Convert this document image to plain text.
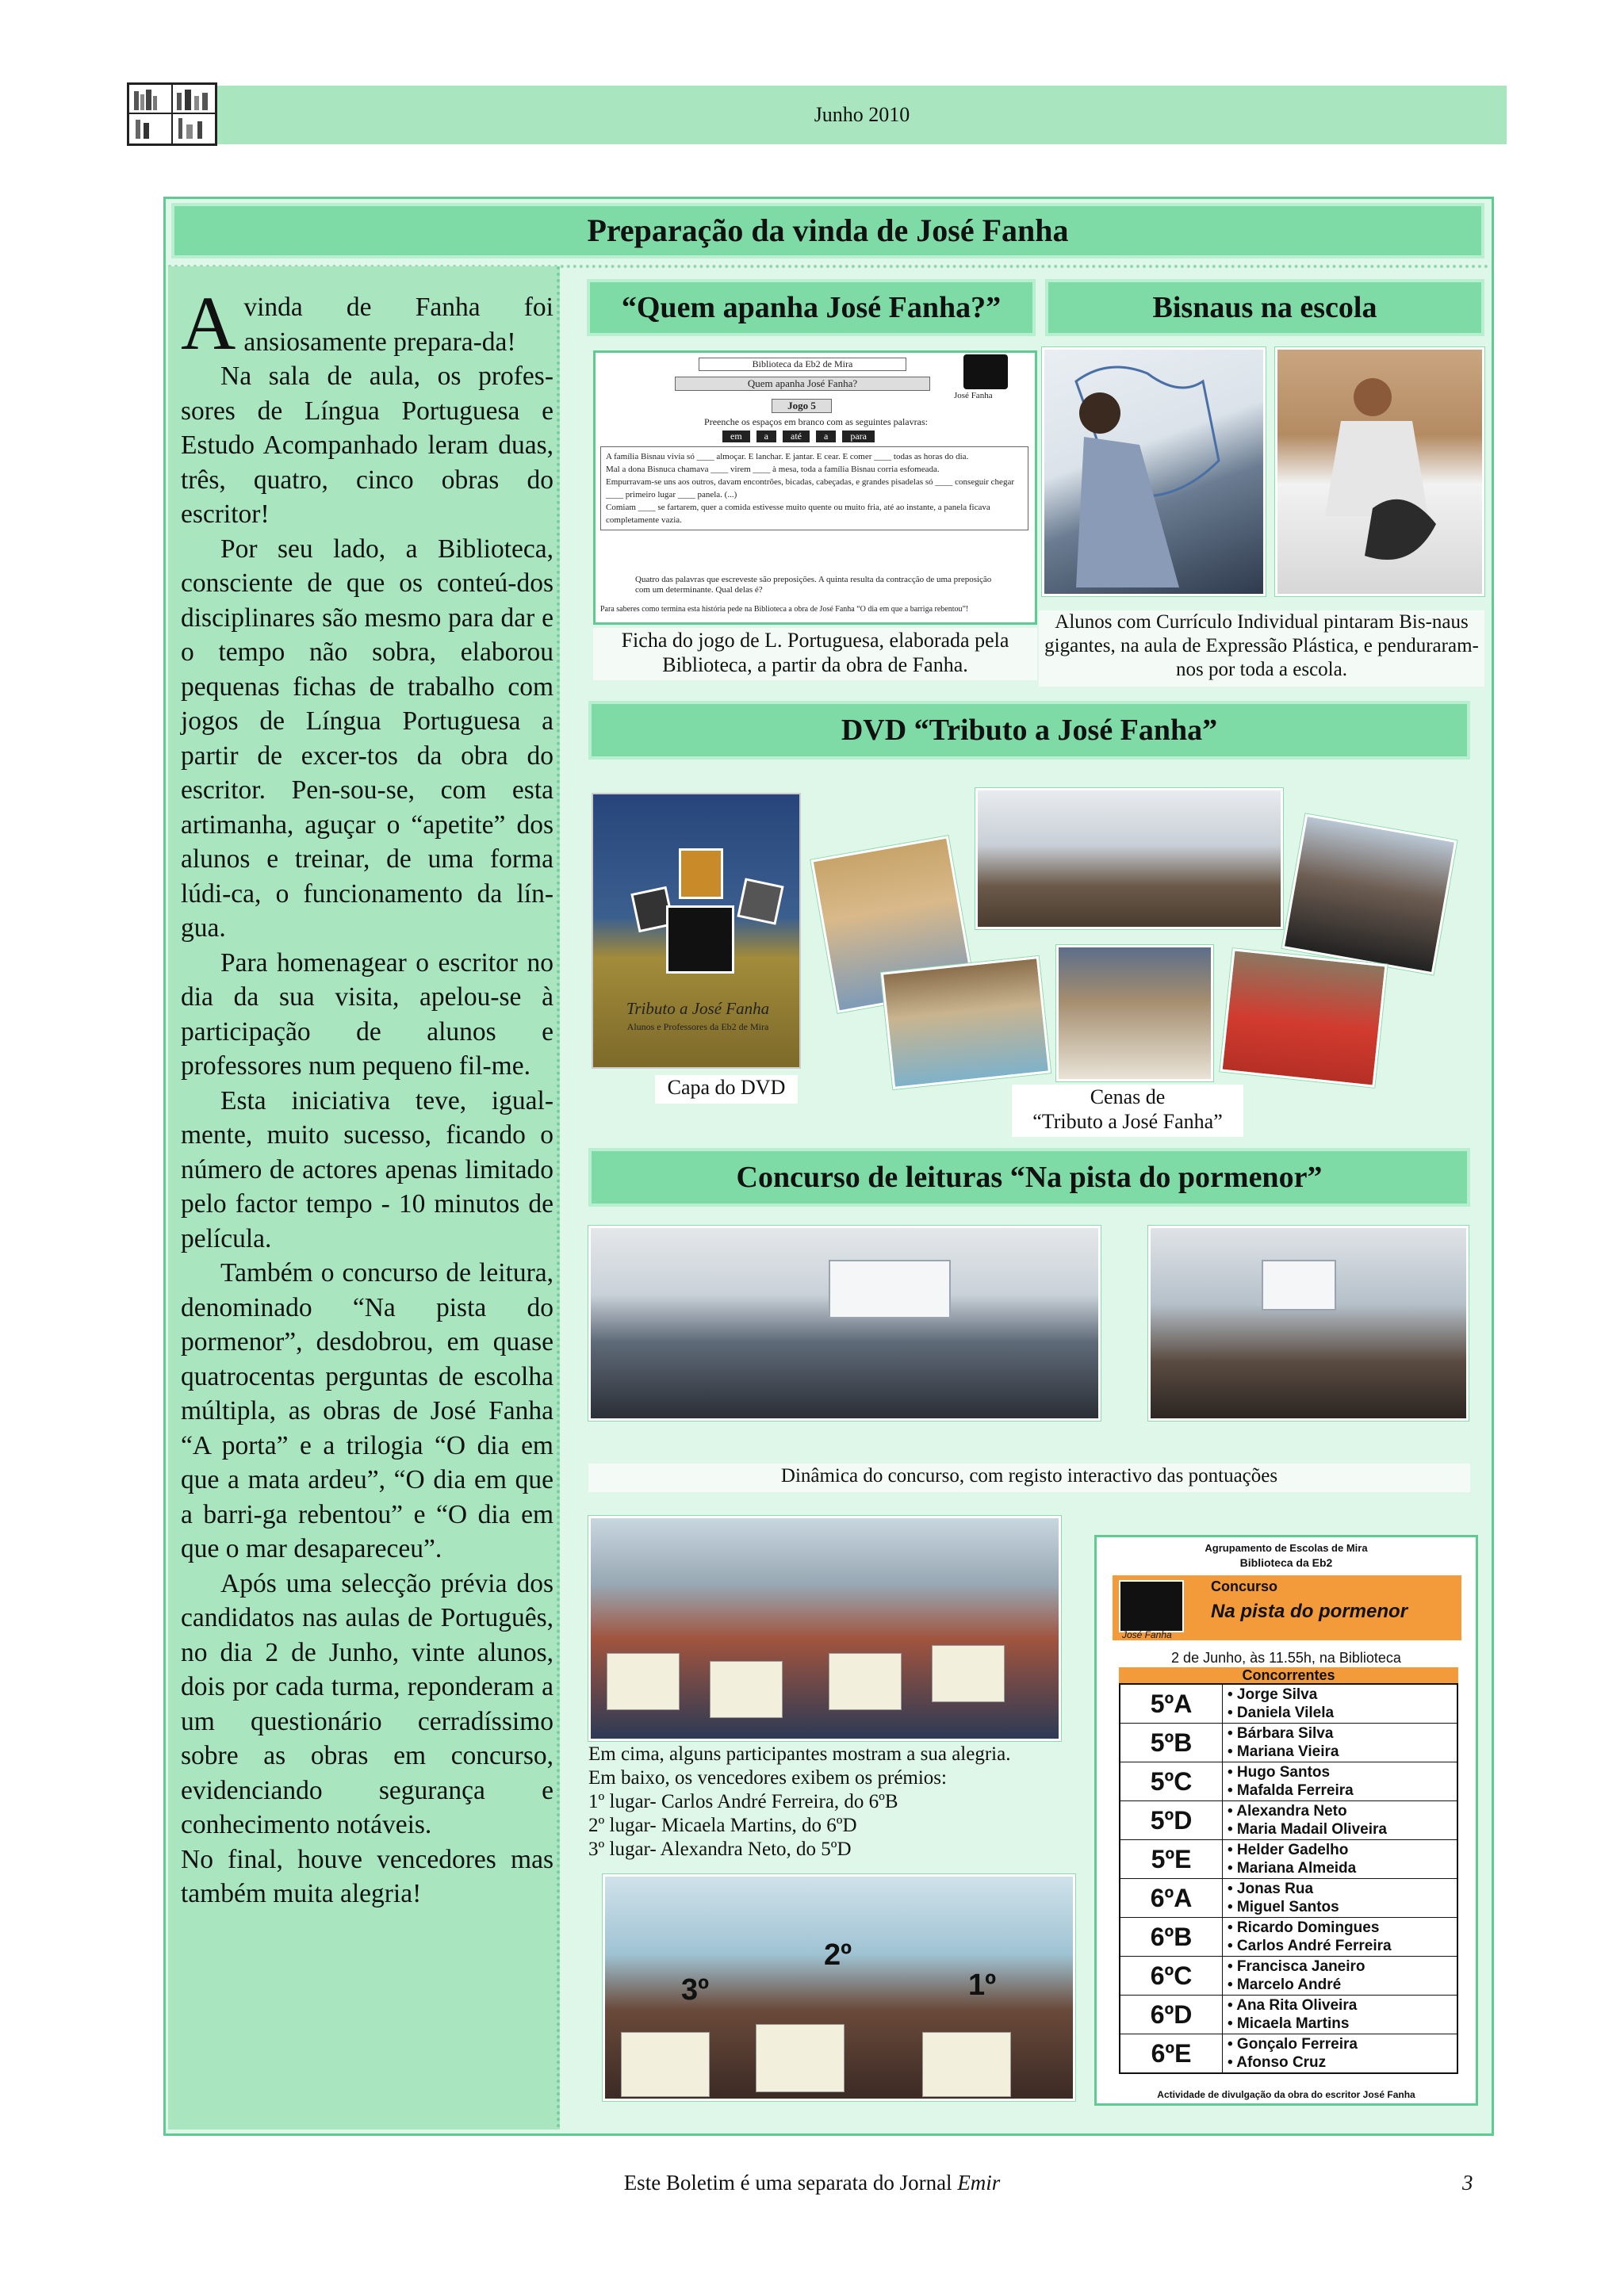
Junho 2010
Preparação da vinda de José Fanha

Avinda de Fanha foi ansiosamente prepara-da!

Na sala de aula, os profes-sores de Língua Portuguesa e Estudo Acompanhado leram duas, três, quatro, cinco obras do escritor!

Por seu lado, a Biblioteca, consciente de que os conteú-dos disciplinares são mesmo para dar e o tempo não sobra, elaborou pequenas fichas de trabalho com jogos de Língua Portuguesa a partir de excer-tos da obra do escritor. Pen-sou-se, com esta artimanha, aguçar o “apetite” dos alunos e treinar, de uma forma lúdi-ca, o funcionamento da lín-gua.

Para homenagear o escritor no dia da sua visita, apelou-se à participação de alunos e professores num pequeno fil-me.

Esta iniciativa teve, igual-mente, muito sucesso, ficando o número de actores apenas limitado pelo factor tempo - 10 minutos de película.

Também o concurso de leitura, denominado “Na pista do pormenor”, desdobrou, em quase quatrocentas perguntas de escolha múltipla, as obras de José Fanha “A porta” e a trilogia “O dia em que a mata ardeu”, “O dia em que a barri-ga rebentou” e “O dia em que o mar desapareceu”.

Após uma selecção prévia dos candidatos nas aulas de Português, no dia 2 de Junho, vinte alunos, dois por cada turma, reponderam a um questionário cerradíssimo sobre as obras em concurso, evidenciando segurança e conhecimento notáveis.

No final, houve vencedores mas também muita alegria!

“Quem apanha José Fanha?”	Bisnaus na escola
Biblioteca da Eb2 de Mira
Quem apanha José Fanha?
José Fanha
Jogo 5
Preenche os espaços em branco com as seguintes palavras:
em	a	até	a	para
A família Bisnau vivia só ____ almoçar. E lanchar. E jantar. E cear. E comer ____ todas as horas do dia.
Mal a dona Bisnuca chamava ____ virem ____ à mesa, toda a família Bisnau corria esfomeada.
Empurravam-se uns aos outros, davam encontrões, bicadas, cabeçadas, e grandes pisadelas só ____ conseguir chegar ____ primeiro lugar ____ panela. (...)
Comiam ____ se fartarem, quer a comida estivesse muito quente ou muito fria, até ao instante, a panela ficava completamente vazia.
Quatro das palavras que escreveste são preposições. A quinta resulta da contracção de uma preposição com um determinante. Qual delas é?
Para saberes como termina esta história pede na Biblioteca a obra de José Fanha “O dia em que a barriga rebentou”!
Ficha do jogo de L. Portuguesa, elaborada pela Biblioteca, a partir da obra de Fanha.
Alunos com Currículo Individual pintaram Bis-naus gigantes, na aula de Expressão Plástica, e penduraram-nos por toda a escola.
DVD “Tributo a José Fanha”
Tributo a José Fanha
Alunos e Professores da Eb2 de Mira
Capa do DVD	Cenas de
“Tributo a José Fanha”
Concurso de leituras “Na pista do pormenor”
Dinâmica do concurso, com registo interactivo das pontuações
Em cima, alguns participantes mostram a sua alegria.
Em baixo, os vencedores exibem os prémios:
1º lugar- Carlos André Ferreira, do 6ºB
2º lugar- Micaela Martins, do 6ºD
3º lugar- Alexandra Neto, do 5ºD
3º
2º
1º
Agrupamento de Escolas de Mira
Biblioteca da Eb2
José Fanha
Concurso
Na pista do pormenor
2 de Junho, às 11.55h, na Biblioteca
Concorrentes
5ºA	• Jorge Silva
• Daniela Vilela
5ºB	• Bárbara Silva
• Mariana Vieira
5ºC	• Hugo Santos
• Mafalda Ferreira
5ºD	• Alexandra Neto
• Maria Madail Oliveira
5ºE	• Helder Gadelho
• Mariana Almeida
6ºA	• Jonas Rua
• Miguel Santos
6ºB	• Ricardo Domingues
• Carlos André Ferreira
6ºC	• Francisca Janeiro
• Marcelo André
6ºD	• Ana Rita Oliveira
• Micaela Martins
6ºE	• Gonçalo Ferreira
• Afonso Cruz
Actividade de divulgação da obra do escritor José Fanha
Este Boletim é uma separata do Jornal Emir	3
